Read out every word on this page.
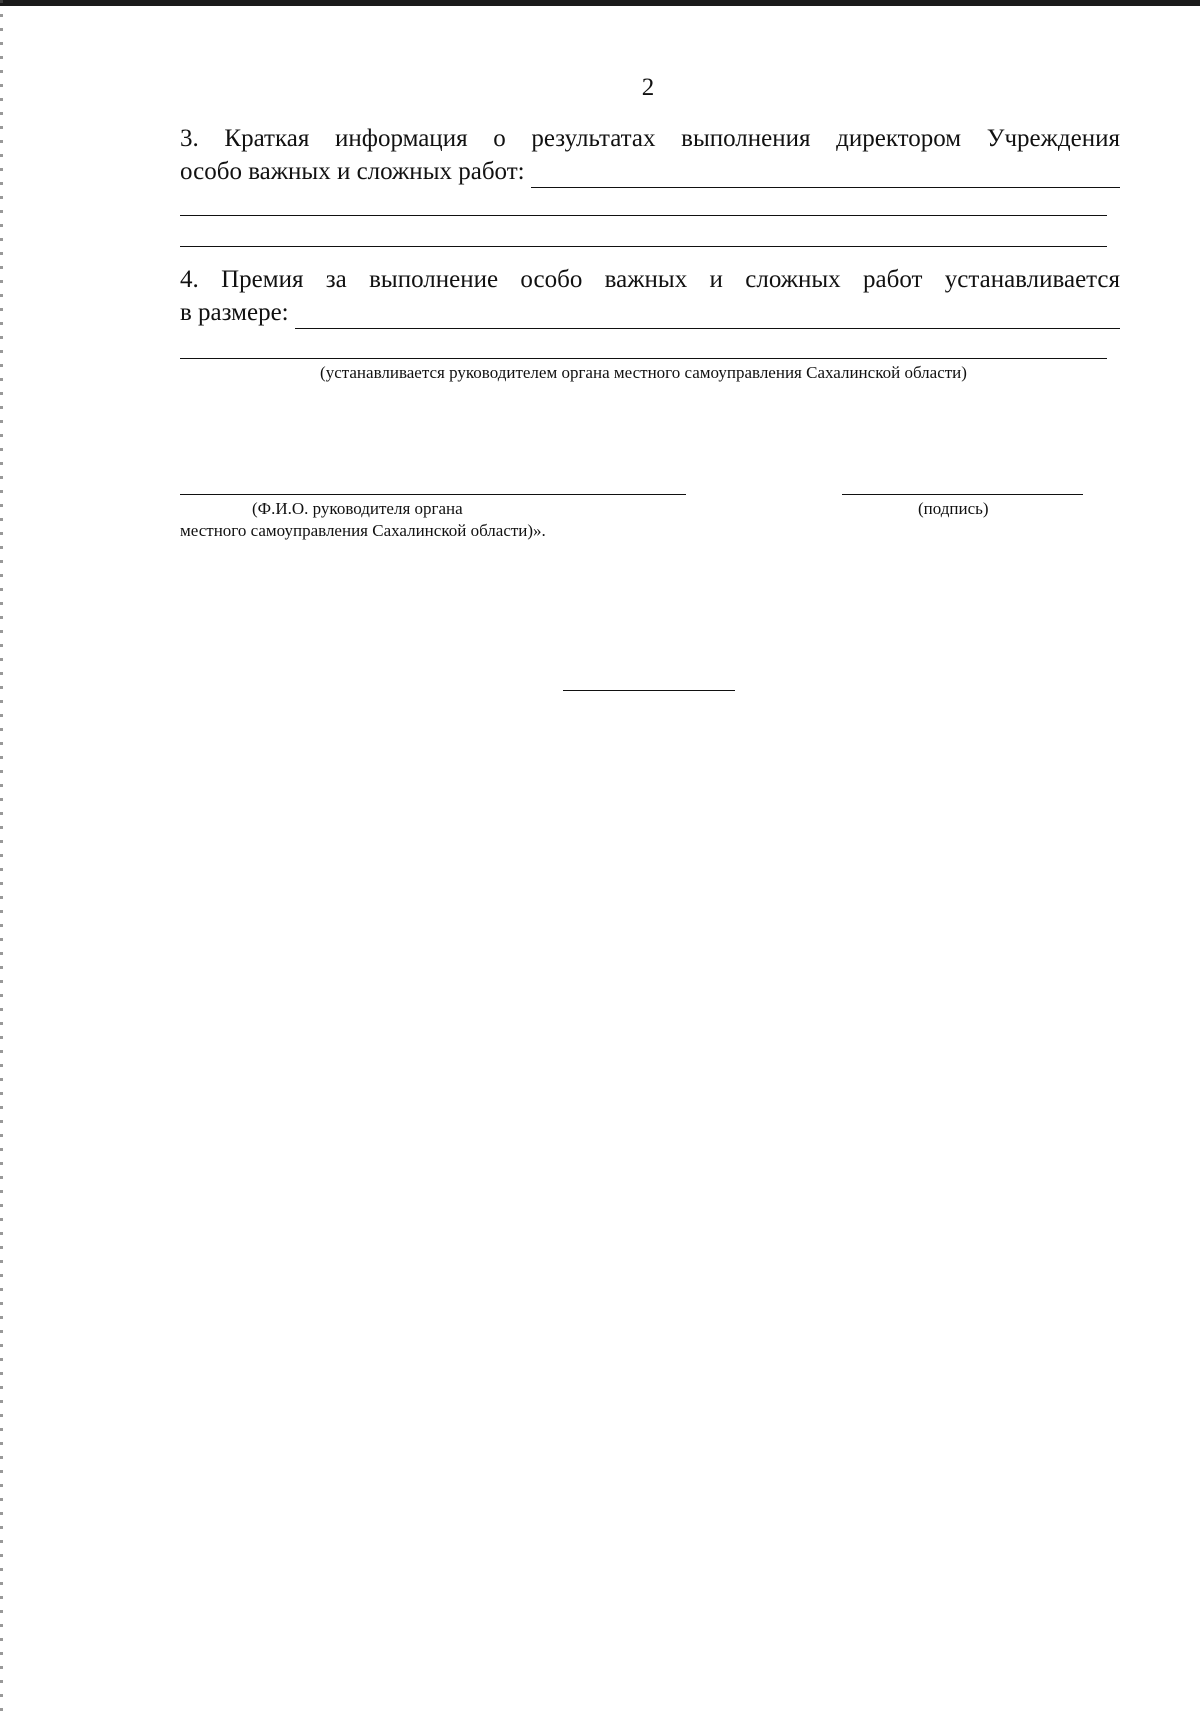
2
3. Краткая информация о результатах выполнения директором Учреждения
особо важных и сложных работ:
4. Премия за выполнение особо важных и сложных работ устанавливается
в размере:
(устанавливается руководителем органа местного самоуправления Сахалинской области)
(Ф.И.О. руководителя органа
местного самоуправления Сахалинской области)».
(подпись)
